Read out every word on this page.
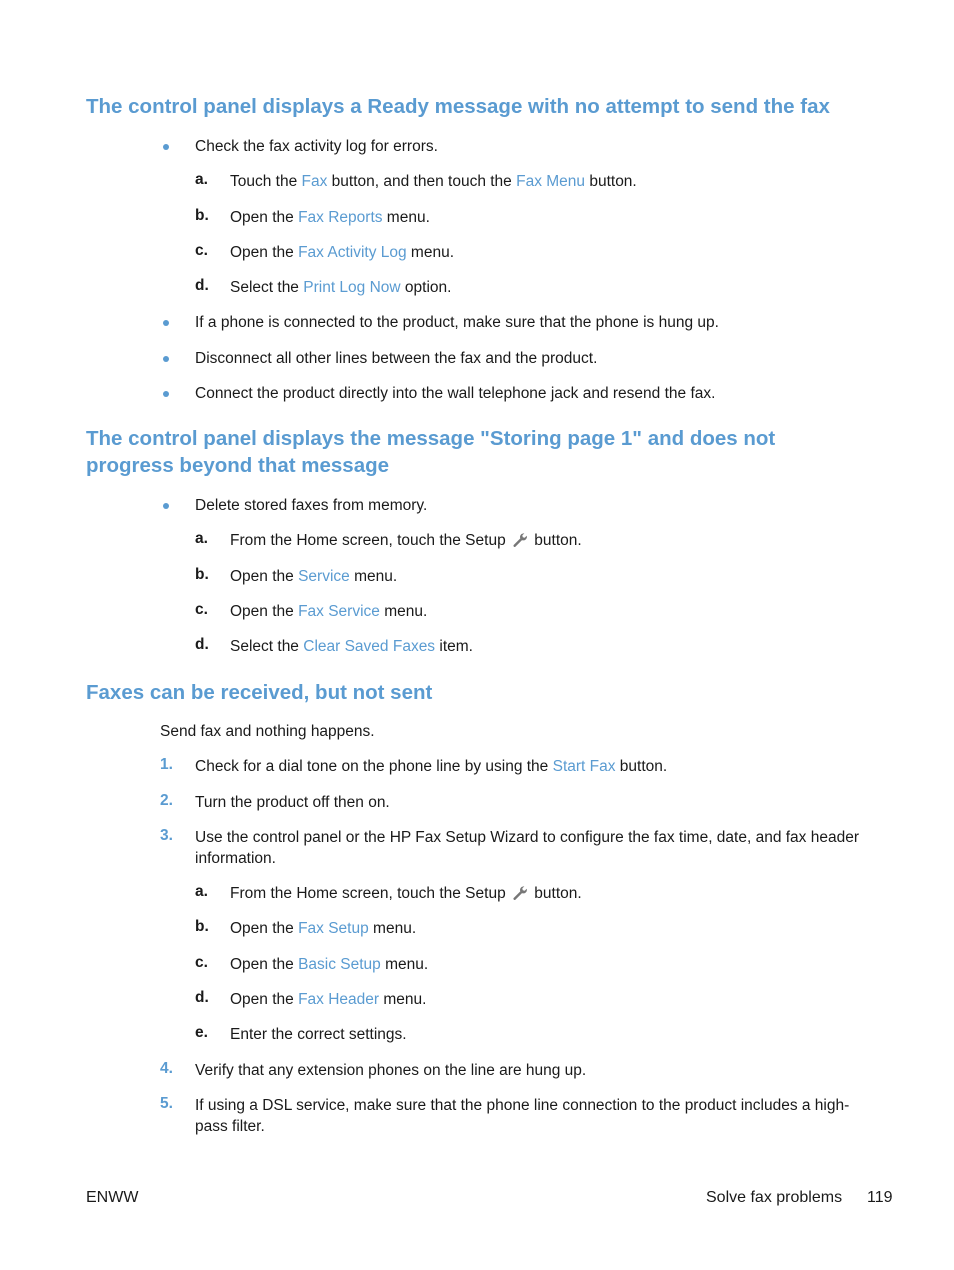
The control panel displays a Ready message with no attempt to send the fax
Check the fax activity log for errors.
a. Touch the Fax button, and then touch the Fax Menu button.
b. Open the Fax Reports menu.
c. Open the Fax Activity Log menu.
d. Select the Print Log Now option.
If a phone is connected to the product, make sure that the phone is hung up.
Disconnect all other lines between the fax and the product.
Connect the product directly into the wall telephone jack and resend the fax.
The control panel displays the message "Storing page 1" and does not
progress beyond that message
Delete stored faxes from memory.
a. From the Home screen, touch the Setup  button.
b. Open the Service menu.
c. Open the Fax Service menu.
d. Select the Clear Saved Faxes item.
Faxes can be received, but not sent
Send fax and nothing happens.
1. Check for a dial tone on the phone line by using the Start Fax button.
2. Turn the product off then on.
3. Use the control panel or the HP Fax Setup Wizard to configure the fax time, date, and fax header
information.
a. From the Home screen, touch the Setup  button.
b. Open the Fax Setup menu.
c. Open the Basic Setup menu.
d. Open the Fax Header menu.
e. Enter the correct settings.
4. Verify that any extension phones on the line are hung up.
5. If using a DSL service, make sure that the phone line connection to the product includes a high-
pass filter.
ENWW	Solve fax problems 119
